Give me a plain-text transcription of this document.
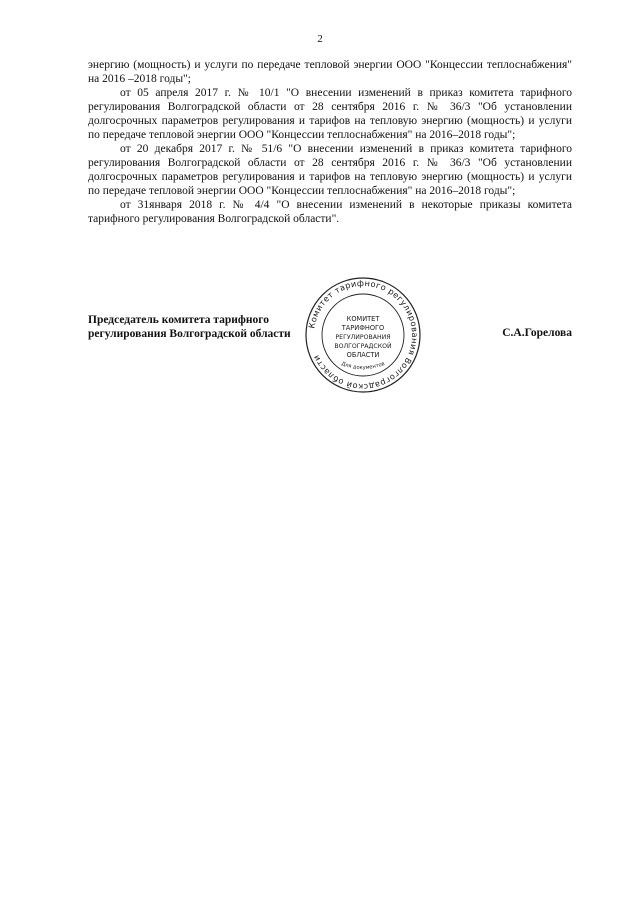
2

энергию (мощность) и услуги по передаче тепловой энергии ООО "Концессии теплоснабжения" на 2016 –2018 годы";

от 05 апреля 2017 г. № 10/1 "О внесении изменений в приказ комитета тарифного регулирования Волгоградской области от 28 сентября 2016 г. № 36/3 "Об установлении долгосрочных параметров регулирования и тарифов на тепловую энергию (мощность) и услуги по передаче тепловой энергии ООО "Концессии теплоснабжения" на 2016–2018 годы";

от 20 декабря 2017 г. № 51/6 "О внесении изменений в приказ комитета тарифного регулирования Волгоградской области от 28 сентября 2016 г. № 36/3 "Об установлении долгосрочных параметров регулирования и тарифов на тепловую энергию (мощность) и услуги по передаче тепловой энергии ООО "Концессии теплоснабжения" на 2016–2018 годы";

от 31января 2018 г. № 4/4 "О внесении изменений в некоторые приказы комитета тарифного регулирования Волгоградской области".

Председатель комитета тарифного
регулирования Волгоградской области	С.А.Горелова
Комитет тарифного регулирования Волгоградской области
КОМИТЕТ
ТАРИФНОГО
РЕГУЛИРОВАНИЯ
ВОЛГОГРАДСКОЙ
ОБЛАСТИ
Для документов
